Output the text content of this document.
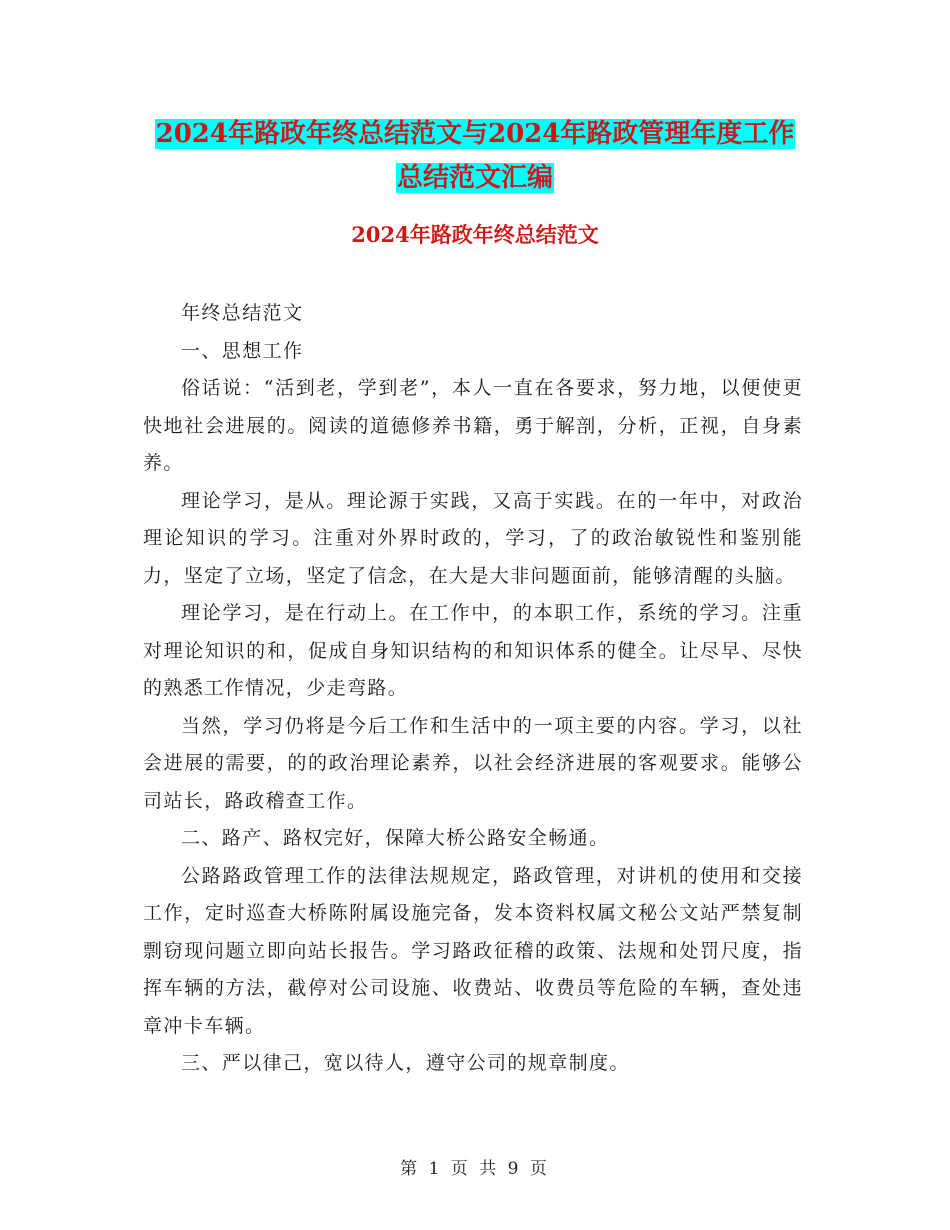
2024年路政年终总结范文与2024年路政管理年度工作
总结范文汇编
2024年路政年终总结范文

年终总结范文

一、思想工作

俗话说：“活到老，学到老”，本人一直在各要求，努力地，以便使更快地社会进展的。阅读的道德修养书籍，勇于解剖，分析，正视，自身素养。

理论学习，是从。理论源于实践，又高于实践。在的一年中，对政治理论知识的学习。注重对外界时政的，学习，了的政治敏锐性和鉴别能力，坚定了立场，坚定了信念，在大是大非问题面前，能够清醒的头脑。

理论学习，是在行动上。在工作中，的本职工作，系统的学习。注重对理论知识的和，促成自身知识结构的和知识体系的健全。让尽早、尽快的熟悉工作情况，少走弯路。

当然，学习仍将是今后工作和生活中的一项主要的内容。学习，以社会进展的需要，的的政治理论素养，以社会经济进展的客观要求。能够公司站长，路政稽查工作。

二、路产、路权完好，保障大桥公路安全畅通。

公路路政管理工作的法律法规规定，路政管理，对讲机的使用和交接工作，定时巡查大桥陈附属设施完备，发本资料权属文秘公文站严禁复制剽窃现问题立即向站长报告。学习路政征稽的政策、法规和处罚尺度，指挥车辆的方法，截停对公司设施、收费站、收费员等危险的车辆，查处违章冲卡车辆。

三、严以律己，宽以待人，遵守公司的规章制度。

第 1 页 共 9 页
